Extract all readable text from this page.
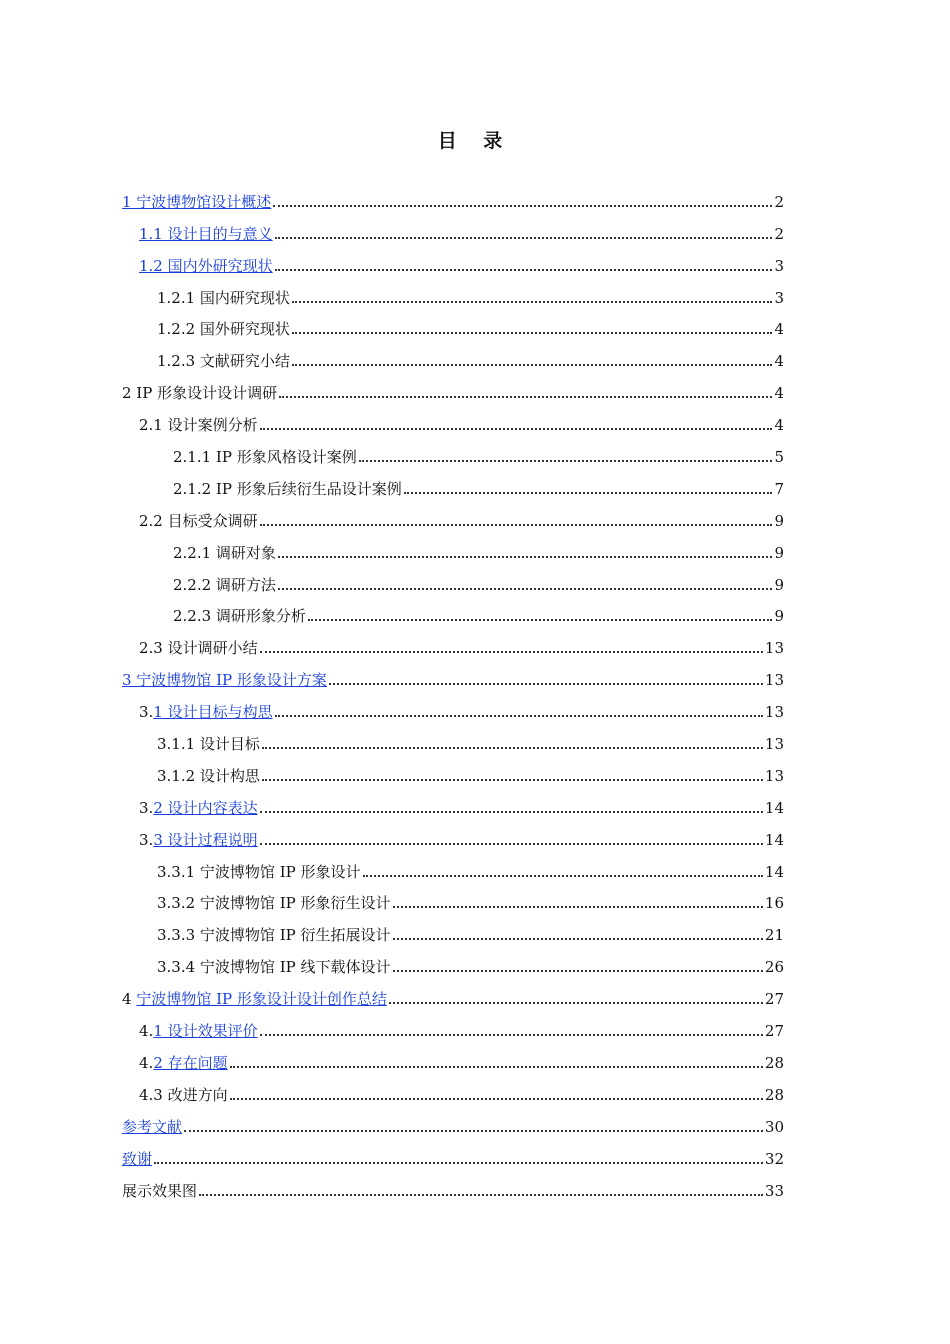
目 录
1 宁波博物馆设计概述	2
1.1 设计目的与意义	2
1.2 国内外研究现状	3
1.2.1 国内研究现状	3
1.2.2 国外研究现状	4
1.2.3 文献研究小结	4
2 IP 形象设计设计调研	4
2.1 设计案例分析	4
2.1.1 IP 形象风格设计案例	5
2.1.2 IP 形象后续衍生品设计案例	7
2.2 目标受众调研	9
2.2.1 调研对象	9
2.2.2 调研方法	9
2.2.3 调研形象分析	9
2.3 设计调研小结	13
3 宁波博物馆 IP 形象设计方案	13
3.1 设计目标与构思	13
3.1.1 设计目标	13
3.1.2 设计构思	13
3.2 设计内容表达	14
3.3 设计过程说明	14
3.3.1 宁波博物馆 IP 形象设计	14
3.3.2 宁波博物馆 IP 形象衍生设计	16
3.3.3 宁波博物馆 IP 衍生拓展设计	21
3.3.4 宁波博物馆 IP 线下载体设计	26
4 宁波博物馆 IP 形象设计设计创作总结	27
4.1 设计效果评价	27
4.2 存在问题	28
4.3 改进方向	28
参考文献	30
致谢	32
展示效果图	33
